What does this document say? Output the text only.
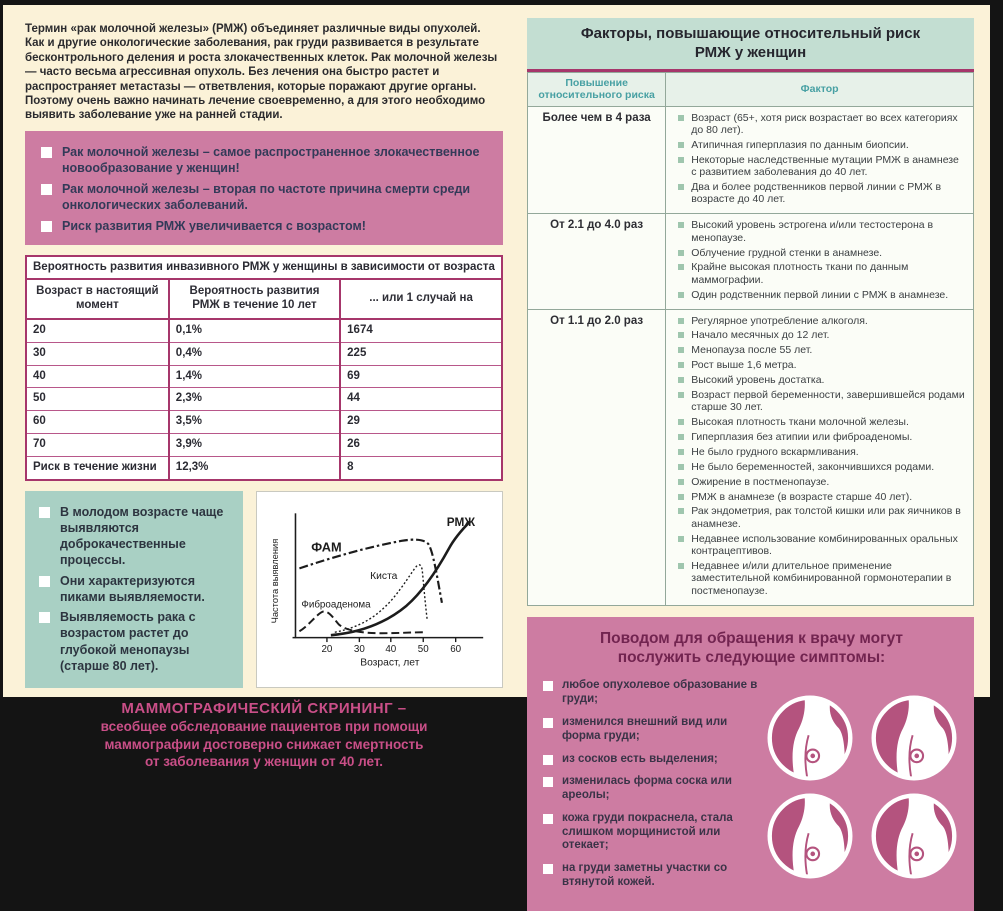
Термин «рак молочной железы» (РМЖ) объединяет различные виды опухолей. Как и другие онкологические заболевания, рак груди развивается в результате бесконтрольного деления и роста злокачественных клеток. Рак молочной железы — часто весьма агрессивная опухоль. Без лечения она быстро растет и распространяет метастазы — ответвления, которые поражают другие органы. Поэтому очень важно начинать лечение своевременно, а для этого необходимо выявить заболевание уже на ранней стадии.

Рак молочной железы – самое распространенное злокачественное новообразование у женщин!
Рак молочной железы – вторая по частоте причина смерти среди онкологических заболеваний.
Риск развития РМЖ увеличивается с возрастом!
Вероятность развития инвазивного РМЖ у женщины в зависимости от возраста		
Возраст в настоящий момент	Вероятность развития РМЖ в течение 10 лет	... или 1 случай на
20	0,1%	1674
30	0,4%	225
40	1,4%	69
50	2,3%	44
60	3,5%	29
70	3,9%	26
Риск в течение жизни	12,3%	8
В молодом возрасте чаще выявляются доброкачественные процессы.
Они характеризуются пиками выявляемости.
Выявляемость рака с возрастом растет до глубокой менопаузы (старше 80 лет).
ФАМ
Киста
Фиброаденома
РМЖ
20 30 40 50 60
Возраст, лет
Частота выявления
МАММОГРАФИЧЕСКИЙ СКРИНИНГ –
всеобщее обследование пациентов при помощи
маммографии достоверно снижает смертность
от заболевания у женщин от 40 лет.
Факторы, повышающие относительный риск РМЖ у женщин
Повышение относительного риска	Фактор
Более чем в 4 раза	Возраст (65+, хотя риск возрастает во всех категориях до 80 лет).
Атипичная гиперплазия по данным биопсии.
Некоторые наследственные мутации РМЖ в анамнезе с развитием заболевания до 40 лет.
Два и более родственников первой линии с РМЖ в возрасте до 40 лет.

От 2.1 до 4.0 раз	Высокий уровень эстрогена и/или тестостерона в менопаузе.
Облучение грудной стенки в анамнезе.
Крайне высокая плотность ткани по данным маммографии.
Один родственник первой линии с РМЖ в анамнезе.

От 1.1 до 2.0 раз	Регулярное употребление алкоголя.
Начало месячных до 12 лет.
Менопауза после 55 лет.
Рост выше 1,6 метра.
Высокий уровень достатка.
Возраст первой беременности, завершившейся родами старше 30 лет.
Высокая плотность ткани молочной железы.
Гиперплазия без атипии или фиброаденомы.
Не было грудного вскармливания.
Не было беременностей, закончившихся родами.
Ожирение в постменопаузе.
РМЖ в анамнезе (в возрасте старше 40 лет).
Рак эндометрия, рак толстой кишки или рак яичников в анамнезе.
Недавнее использование комбинированных оральных контрацептивов.
Недавнее и/или длительное применение заместительной комбинированной гормонотерапии в постменопаузе.
Поводом для обращения к врачу могут послужить следующие симптомы:
любое опухолевое образование в груди;
изменился внешний вид или форма груди;
из сосков есть выделения;
изменилась форма соска или ареолы;
кожа груди покраснела, стала слишком морщинистой или отекает;
на груди заметны участки со втянутой кожей.
